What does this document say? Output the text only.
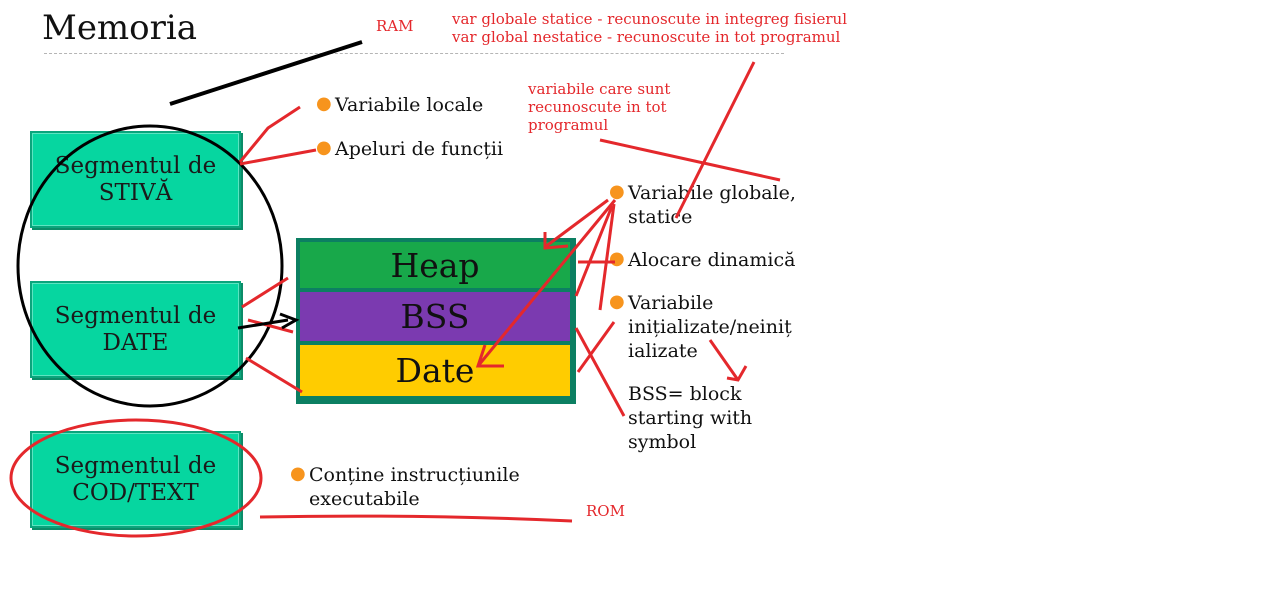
Memoria
Segmentul de
STIVĂ
Segmentul de
DATE
Segmentul de
COD/TEXT
Heap
BSS
Date
● Variabile locale
● Apeluri de funcții
● Variabile globale,
statice
● Alocare dinamică
● Variabile
inițializate/neiniț
ializate
BSS= block
starting with
symbol
● Conține instrucțiunile
executabile
RAM
ROM
var globale statice - recunoscute in integreg fisierul
var global nestatice - recunoscute in tot programul
variabile care sunt
recunoscute in tot
programul
